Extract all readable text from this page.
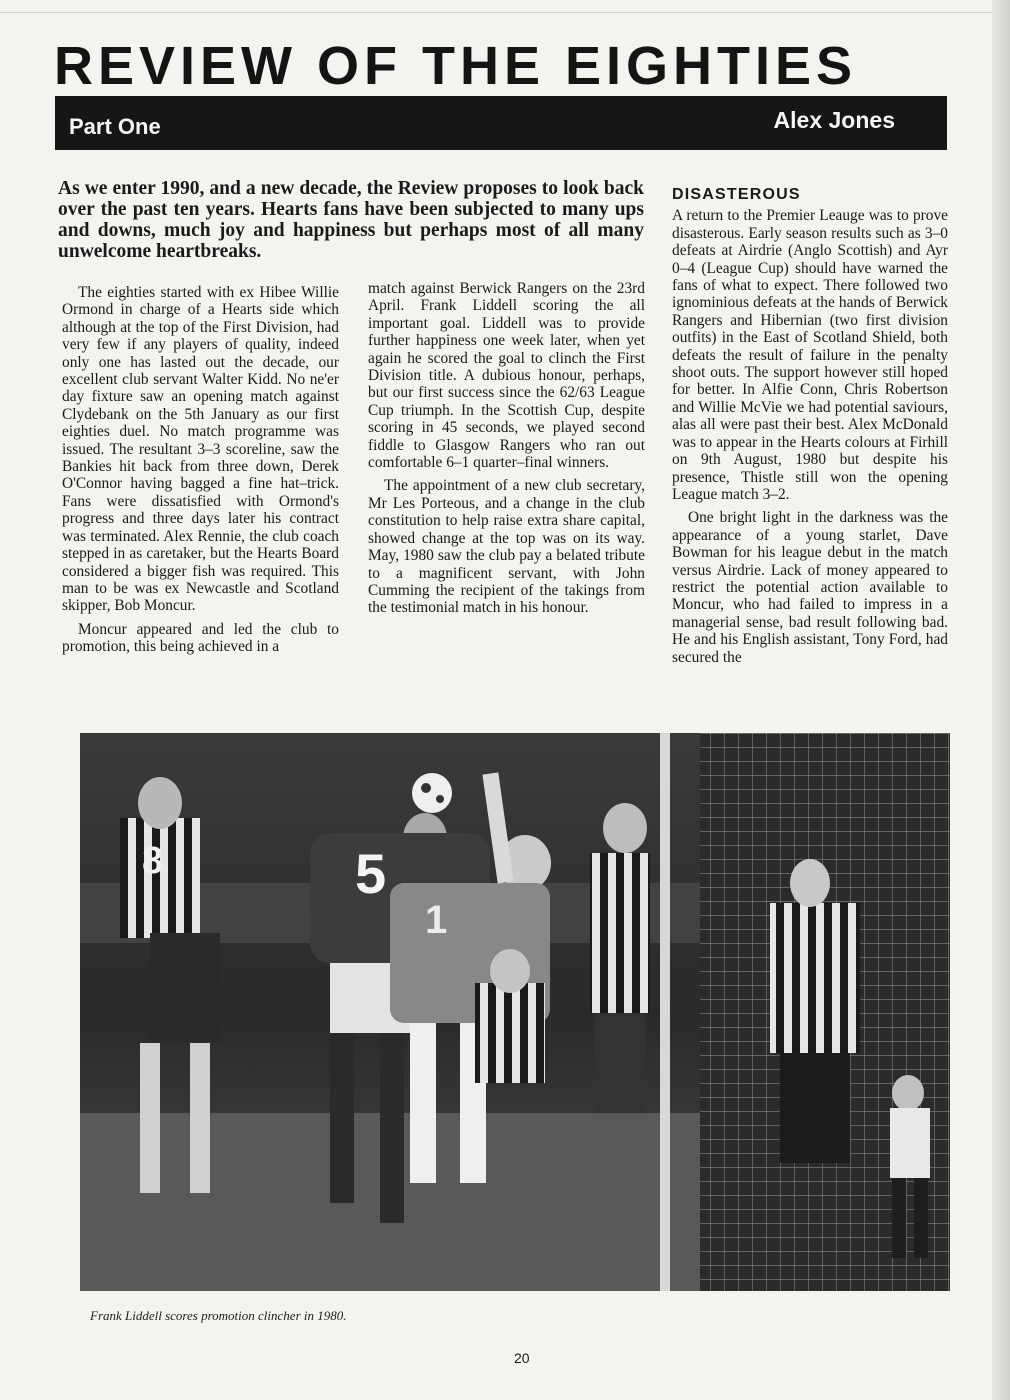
REVIEW OF THE EIGHTIES
Part One	Alex Jones
As we enter 1990, and a new decade, the Review proposes to look back over the past ten years. Hearts fans have been subjected to many ups and downs, much joy and happiness but perhaps most of all many unwelcome heartbreaks.

The eighties started with ex Hibee Willie Ormond in charge of a Hearts side which although at the top of the First Division, had very few if any players of quality, indeed only one has lasted out the decade, our excellent club servant Walter Kidd. No ne'er day fixture saw an opening match against Clydebank on the 5th January as our first eighties duel. No match programme was issued. The resultant 3–3 scoreline, saw the Bankies hit back from three down, Derek O'Connor having bagged a fine hat–trick. Fans were dissatisfied with Ormond's progress and three days later his contract was terminated. Alex Rennie, the club coach stepped in as caretaker, but the Hearts Board considered a bigger fish was required. This man to be was ex Newcastle and Scotland skipper, Bob Moncur.

Moncur appeared and led the club to promotion, this being achieved in a

match against Berwick Rangers on the 23rd April. Frank Liddell scoring the all important goal. Liddell was to provide further happiness one week later, when yet again he scored the goal to clinch the First Division title. A dubious honour, perhaps, but our first success since the 62/63 League Cup triumph. In the Scottish Cup, despite scoring in 45 seconds, we played second fiddle to Glasgow Rangers who ran out comfortable 6–1 quarter–final winners.

The appointment of a new club secretary, Mr Les Porteous, and a change in the club constitution to help raise extra share capital, showed change at the top was on its way. May, 1980 saw the club pay a belated tribute to a magnificent servant, with John Cumming the recipient of the takings from the testimonial match in his honour.

DISASTEROUS

A return to the Premier Leauge was to prove disasterous. Early season results such as 3–0 defeats at Airdrie (Anglo Scottish) and Ayr 0–4 (League Cup) should have warned the fans of what to expect. There followed two ignominious defeats at the hands of Berwick Rangers and Hibernian (two first division outfits) in the East of Scotland Shield, both defeats the result of failure in the penalty shoot outs. The support however still hoped for better. In Alfie Conn, Chris Robertson and Willie McVie we had potential saviours, alas all were past their best. Alex McDonald was to appear in the Hearts colours at Firhill on 9th August, 1980 but despite his presence, Thistle still won the opening League match 3–2.

One bright light in the darkness was the appearance of a young starlet, Dave Bowman for his league debut in the match versus Airdrie. Lack of money appeared to restrict the potential action available to Moncur, who had failed to impress in a managerial sense, bad result following bad. He and his English assistant, Tony Ford, had secured the

8	5
1
Frank Liddell scores promotion clincher in 1980.
20
